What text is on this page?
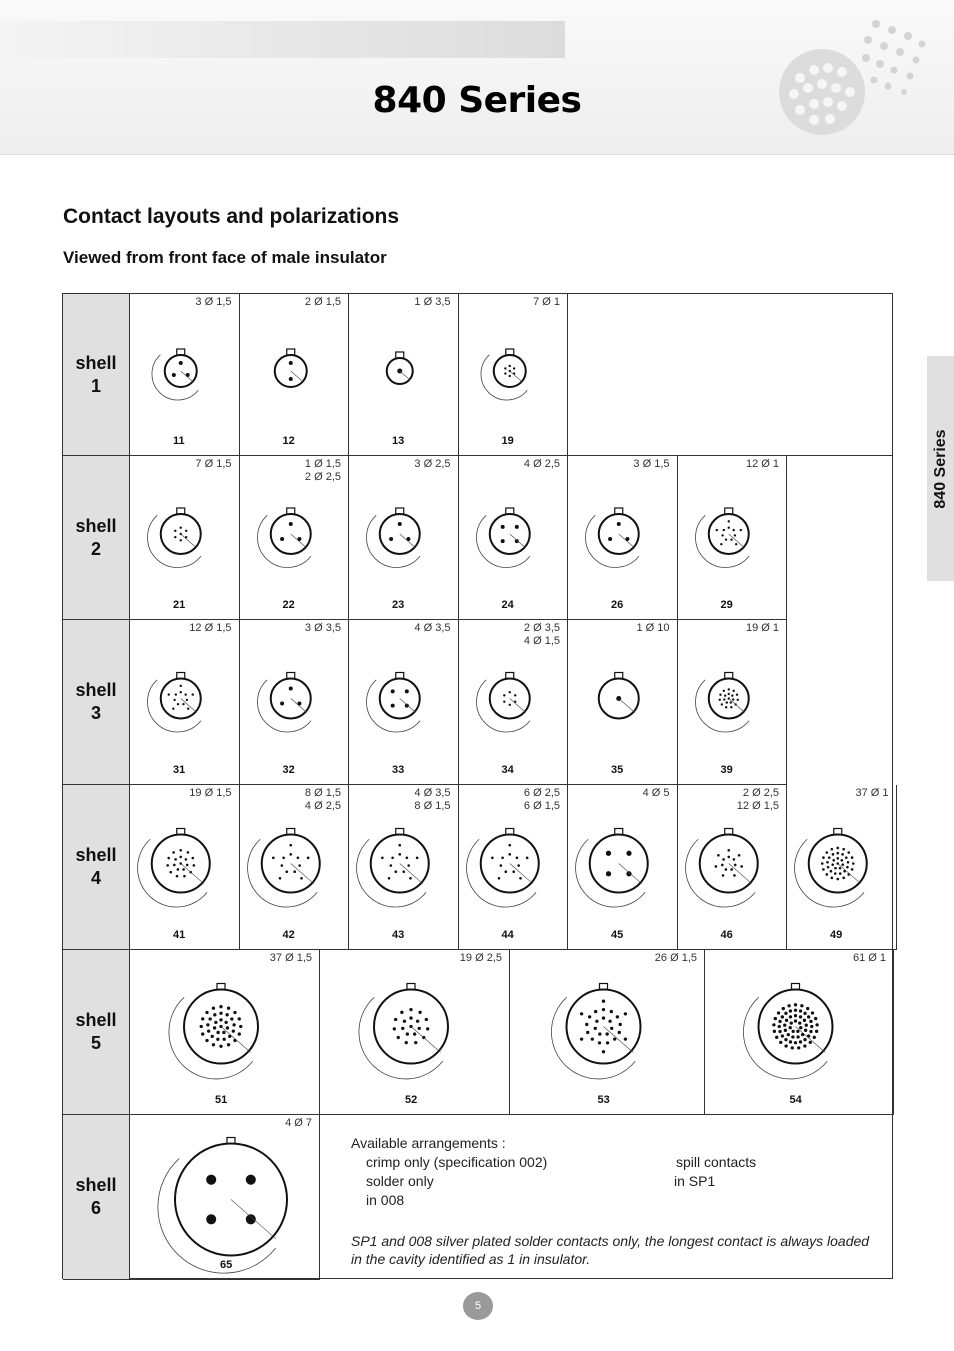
840 Series
Contact layouts and polarizations
Viewed from front face of male insulator
840 Series
shell
1
3 Ø 1,5
11
2 Ø 1,5
12
1 Ø 3,5
13
7 Ø 1
19
shell
2
7 Ø 1,5
21
1 Ø 1,5
2 Ø 2,5
22
3 Ø 2,5
23
4 Ø 2,5
24
3 Ø 1,5
26
12 Ø 1
29
shell
3
12 Ø 1,5
31
3 Ø 3,5
32
4 Ø 3,5
33
2 Ø 3,5
4 Ø 1,5
34
1 Ø 10
35
19 Ø 1
39
shell
4
19 Ø 1,5
41
8 Ø 1,5
4 Ø 2,5
42
4 Ø 3,5
8 Ø 1,5
43
6 Ø 2,5
6 Ø 1,5
44
4 Ø 5
45
2 Ø 2,5
12 Ø 1,5
46
37 Ø 1
49
shell
5
37 Ø 1,5
51
19 Ø 2,5
52
26 Ø 1,5
53
61 Ø 1
54
shell
6
4 Ø 7
65
Available arrangements :
crimp only (specification 002)	spill contacts
solder only	in SP1
in 008
SP1 and 008 silver plated solder contacts only, the longest contact is always loaded in the cavity identified as 1 in insulator.
5
